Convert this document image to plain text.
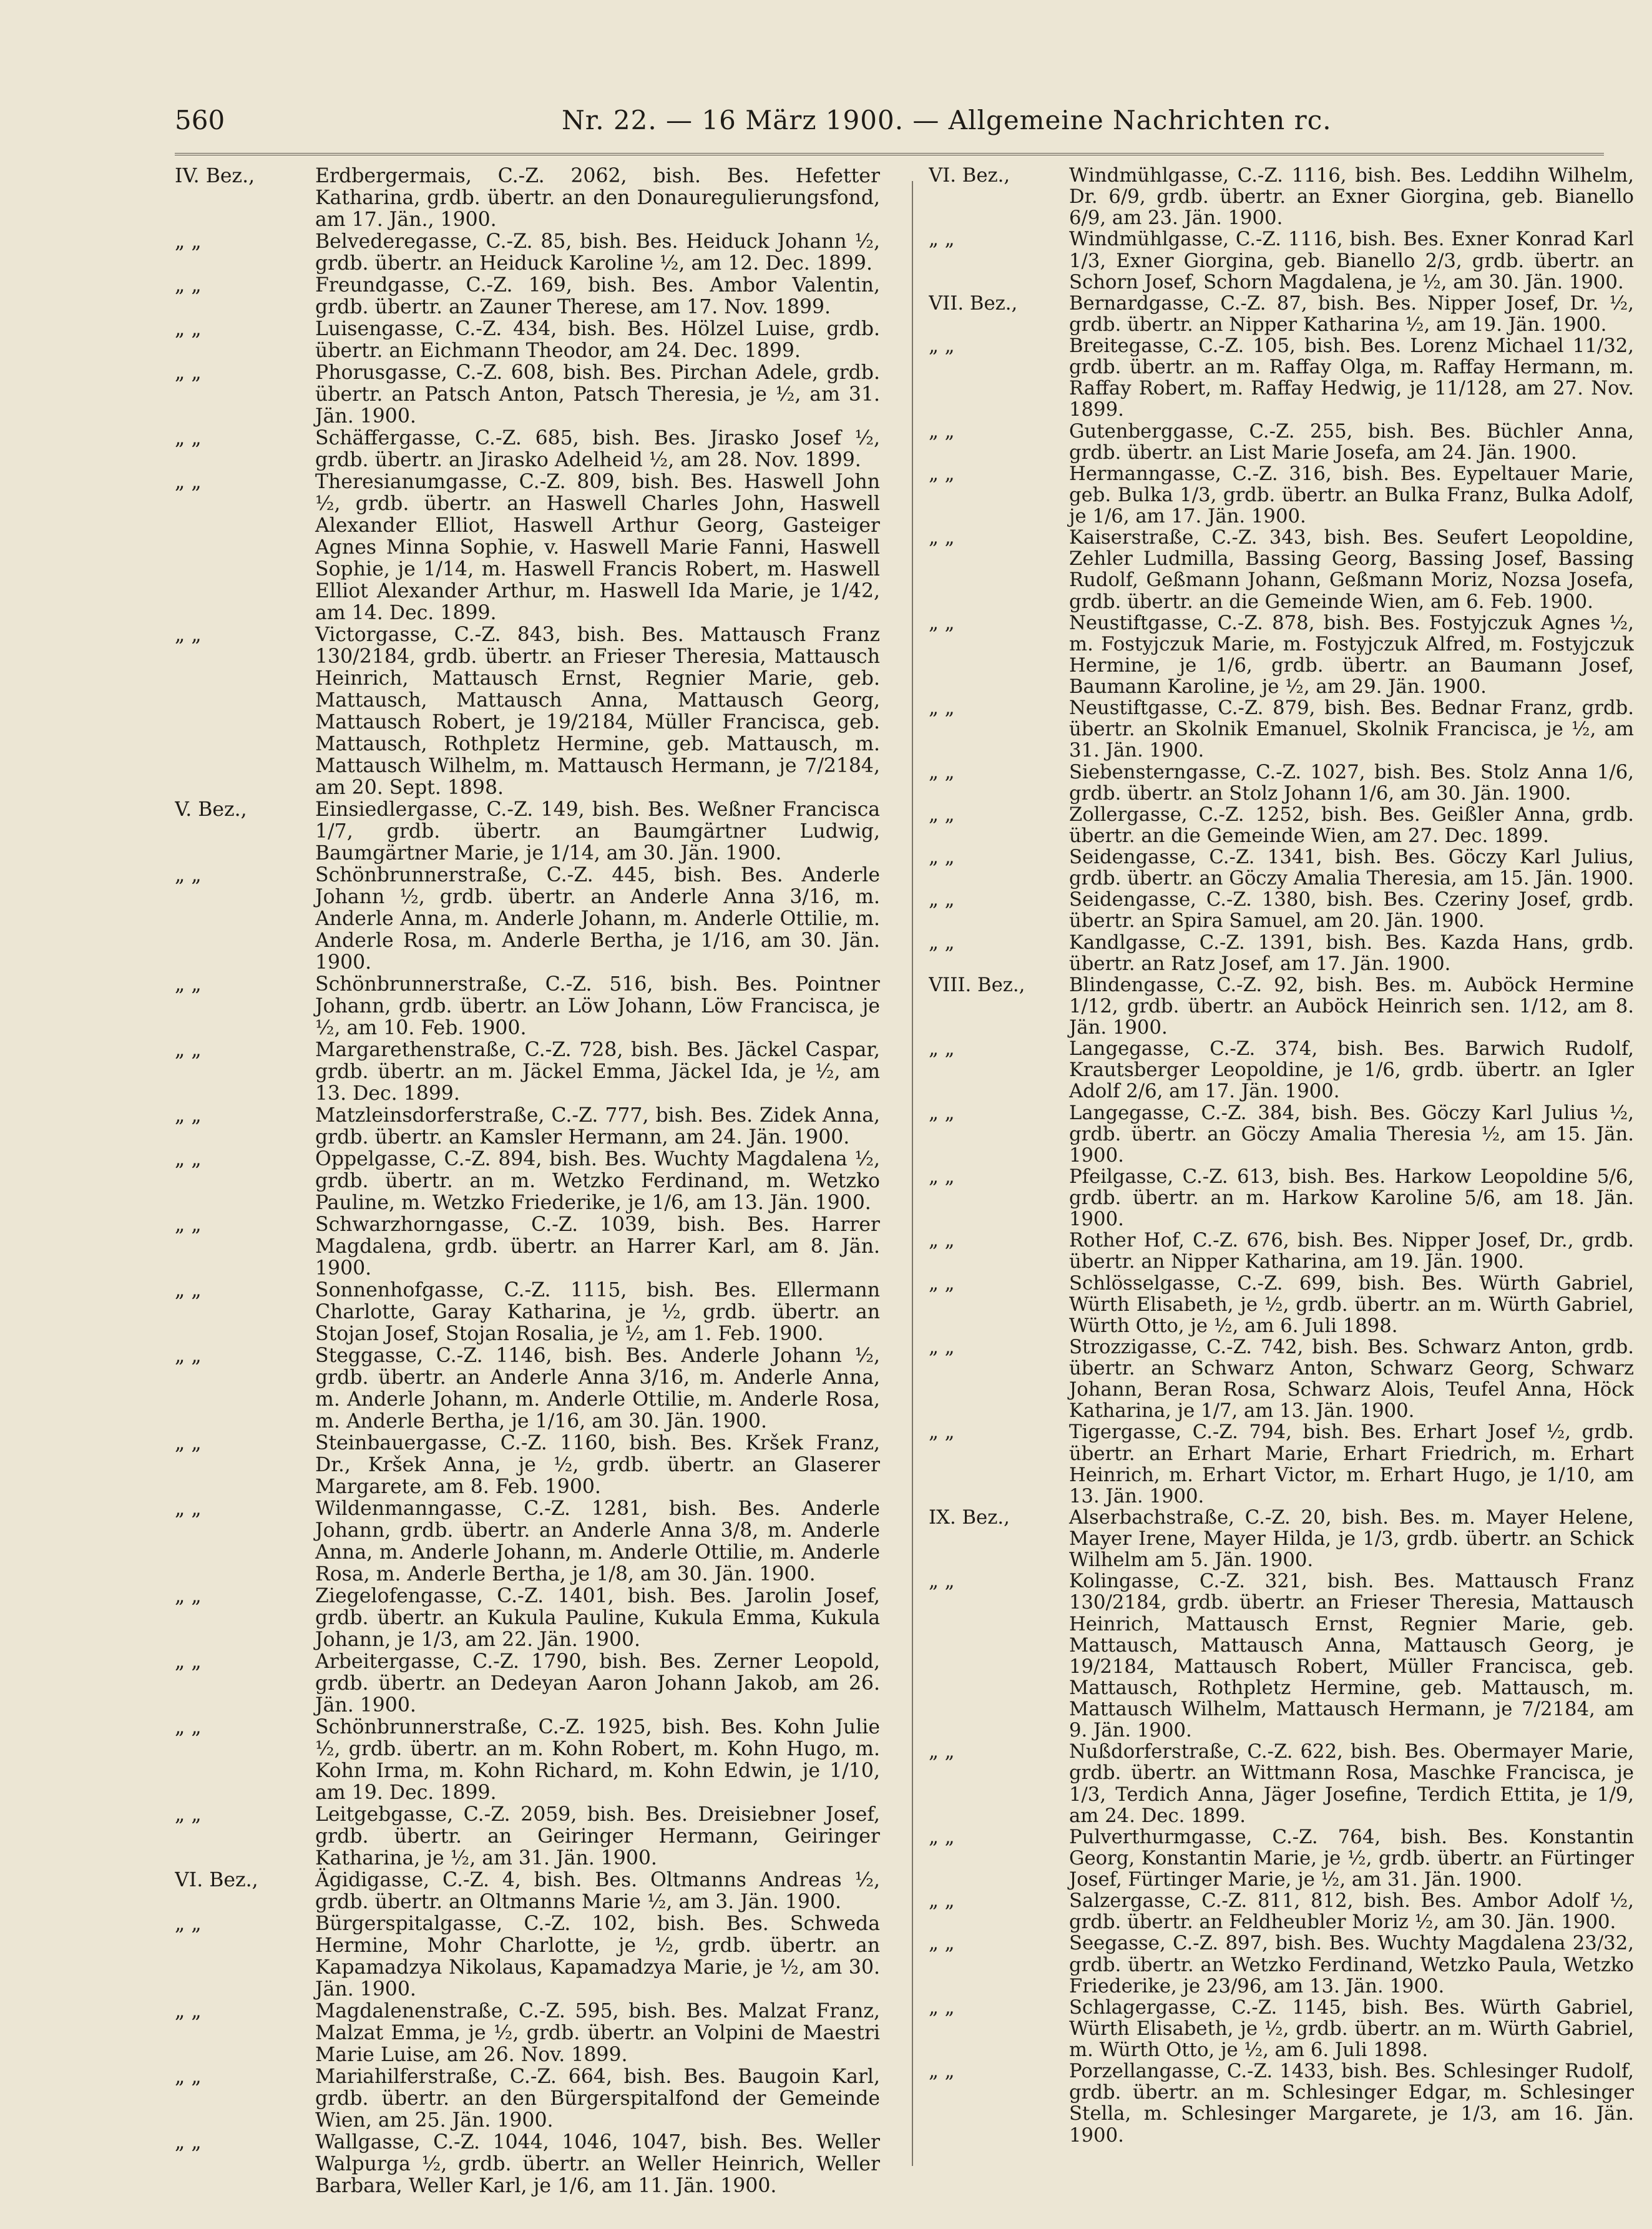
560	Nr. 22. — 16 März 1900. — Allgemeine Nachrichten rc.
IV. Bez.,	Erdbergermais, C.-Z. 2062, bish. Bes. Hefetter Katharina, grdb. übertr. an den Donauregulierungsfond, am 17. Jän., 1900.
„ „	Belvederegasse, C.-Z. 85, bish. Bes. Heiduck Johann ½, grdb. übertr. an Heiduck Karoline ½, am 12. Dec. 1899.
„ „	Freundgasse, C.-Z. 169, bish. Bes. Ambor Valentin, grdb. übertr. an Zauner Therese, am 17. Nov. 1899.
„ „	Luisengasse, C.-Z. 434, bish. Bes. Hölzel Luise, grdb. übertr. an Eichmann Theodor, am 24. Dec. 1899.
„ „	Phorusgasse, C.-Z. 608, bish. Bes. Pirchan Adele, grdb. übertr. an Patsch Anton, Patsch Theresia, je ½, am 31. Jän. 1900.
„ „	Schäffergasse, C.-Z. 685, bish. Bes. Jirasko Josef ½, grdb. übertr. an Jirasko Adelheid ½, am 28. Nov. 1899.
„ „	Theresianumgasse, C.-Z. 809, bish. Bes. Haswell John ½, grdb. übertr. an Haswell Charles John, Haswell Alexander Elliot, Haswell Arthur Georg, Gasteiger Agnes Minna Sophie, v. Haswell Marie Fanni, Haswell Sophie, je 1/14, m. Haswell Francis Robert, m. Haswell Elliot Alexander Arthur, m. Haswell Ida Marie, je 1/42, am 14. Dec. 1899.
„ „	Victorgasse, C.-Z. 843, bish. Bes. Mattausch Franz 130/2184, grdb. übertr. an Frieser Theresia, Mattausch Heinrich, Mattausch Ernst, Regnier Marie, geb. Mattausch, Mattausch Anna, Mattausch Georg, Mattausch Robert, je 19/2184, Müller Francisca, geb. Mattausch, Rothpletz Hermine, geb. Mattausch, m. Mattausch Wilhelm, m. Mattausch Hermann, je 7/2184, am 20. Sept. 1898.
V. Bez.,	Einsiedlergasse, C.-Z. 149, bish. Bes. Weßner Francisca 1/7, grdb. übertr. an Baumgärtner Ludwig, Baumgärtner Marie, je 1/14, am 30. Jän. 1900.
„ „	Schönbrunnerstraße, C.-Z. 445, bish. Bes. Anderle Johann ½, grdb. übertr. an Anderle Anna 3/16, m. Anderle Anna, m. Anderle Johann, m. Anderle Ottilie, m. Anderle Rosa, m. Anderle Bertha, je 1/16, am 30. Jän. 1900.
„ „	Schönbrunnerstraße, C.-Z. 516, bish. Bes. Pointner Johann, grdb. übertr. an Löw Johann, Löw Francisca, je ½, am 10. Feb. 1900.
„ „	Margarethenstraße, C.-Z. 728, bish. Bes. Jäckel Caspar, grdb. übertr. an m. Jäckel Emma, Jäckel Ida, je ½, am 13. Dec. 1899.
„ „	Matzleinsdorferstraße, C.-Z. 777, bish. Bes. Zidek Anna, grdb. übertr. an Kamsler Hermann, am 24. Jän. 1900.
„ „	Oppelgasse, C.-Z. 894, bish. Bes. Wuchty Magdalena ½, grdb. übertr. an m. Wetzko Ferdinand, m. Wetzko Pauline, m. Wetzko Friederike, je 1/6, am 13. Jän. 1900.
„ „	Schwarzhorngasse, C.-Z. 1039, bish. Bes. Harrer Magdalena, grdb. übertr. an Harrer Karl, am 8. Jän. 1900.
„ „	Sonnenhofgasse, C.-Z. 1115, bish. Bes. Ellermann Charlotte, Garay Katharina, je ½, grdb. übertr. an Stojan Josef, Stojan Rosalia, je ½, am 1. Feb. 1900.
„ „	Steggasse, C.-Z. 1146, bish. Bes. Anderle Johann ½, grdb. übertr. an Anderle Anna 3/16, m. Anderle Anna, m. Anderle Johann, m. Anderle Ottilie, m. Anderle Rosa, m. Anderle Bertha, je 1/16, am 30. Jän. 1900.
„ „	Steinbauergasse, C.-Z. 1160, bish. Bes. Kršek Franz, Dr., Kršek Anna, je ½, grdb. übertr. an Glaserer Margarete, am 8. Feb. 1900.
„ „	Wildenmanngasse, C.-Z. 1281, bish. Bes. Anderle Johann, grdb. übertr. an Anderle Anna 3/8, m. Anderle Anna, m. Anderle Johann, m. Anderle Ottilie, m. Anderle Rosa, m. Anderle Bertha, je 1/8, am 30. Jän. 1900.
„ „	Ziegelofengasse, C.-Z. 1401, bish. Bes. Jarolin Josef, grdb. übertr. an Kukula Pauline, Kukula Emma, Kukula Johann, je 1/3, am 22. Jän. 1900.
„ „	Arbeitergasse, C.-Z. 1790, bish. Bes. Zerner Leopold, grdb. übertr. an Dedeyan Aaron Johann Jakob, am 26. Jän. 1900.
„ „	Schönbrunnerstraße, C.-Z. 1925, bish. Bes. Kohn Julie ½, grdb. übertr. an m. Kohn Robert, m. Kohn Hugo, m. Kohn Irma, m. Kohn Richard, m. Kohn Edwin, je 1/10, am 19. Dec. 1899.
„ „	Leitgebgasse, C.-Z. 2059, bish. Bes. Dreisiebner Josef, grdb. übertr. an Geiringer Hermann, Geiringer Katharina, je ½, am 31. Jän. 1900.
VI. Bez.,	Ägidigasse, C.-Z. 4, bish. Bes. Oltmanns Andreas ½, grdb. übertr. an Oltmanns Marie ½, am 3. Jän. 1900.
„ „	Bürgerspitalgasse, C.-Z. 102, bish. Bes. Schweda Hermine, Mohr Charlotte, je ½, grdb. übertr. an Kapamadzya Nikolaus, Kapamadzya Marie, je ½, am 30. Jän. 1900.
„ „	Magdalenenstraße, C.-Z. 595, bish. Bes. Malzat Franz, Malzat Emma, je ½, grdb. übertr. an Volpini de Maestri Marie Luise, am 26. Nov. 1899.
„ „	Mariahilferstraße, C.-Z. 664, bish. Bes. Baugoin Karl, grdb. übertr. an den Bürgerspitalfond der Gemeinde Wien, am 25. Jän. 1900.
„ „	Wallgasse, C.-Z. 1044, 1046, 1047, bish. Bes. Weller Walpurga ½, grdb. übertr. an Weller Heinrich, Weller Barbara, Weller Karl, je 1/6, am 11. Jän. 1900.
VI. Bez.,	Windmühlgasse, C.-Z. 1116, bish. Bes. Leddihn Wilhelm, Dr. 6/9, grdb. übertr. an Exner Giorgina, geb. Bianello 6/9, am 23. Jän. 1900.
„ „	Windmühlgasse, C.-Z. 1116, bish. Bes. Exner Konrad Karl 1/3, Exner Giorgina, geb. Bianello 2/3, grdb. übertr. an Schorn Josef, Schorn Magdalena, je ½, am 30. Jän. 1900.
VII. Bez.,	Bernardgasse, C.-Z. 87, bish. Bes. Nipper Josef, Dr. ½, grdb. übertr. an Nipper Katharina ½, am 19. Jän. 1900.
„ „	Breitegasse, C.-Z. 105, bish. Bes. Lorenz Michael 11/32, grdb. übertr. an m. Raffay Olga, m. Raffay Hermann, m. Raffay Robert, m. Raffay Hedwig, je 11/128, am 27. Nov. 1899.
„ „	Gutenberggasse, C.-Z. 255, bish. Bes. Büchler Anna, grdb. übertr. an List Marie Josefa, am 24. Jän. 1900.
„ „	Hermanngasse, C.-Z. 316, bish. Bes. Eypeltauer Marie, geb. Bulka 1/3, grdb. übertr. an Bulka Franz, Bulka Adolf, je 1/6, am 17. Jän. 1900.
„ „	Kaiserstraße, C.-Z. 343, bish. Bes. Seufert Leopoldine, Zehler Ludmilla, Bassing Georg, Bassing Josef, Bassing Rudolf, Geßmann Johann, Geßmann Moriz, Nozsa Josefa, grdb. übertr. an die Gemeinde Wien, am 6. Feb. 1900.
„ „	Neustiftgasse, C.-Z. 878, bish. Bes. Fostyjczuk Agnes ½, m. Fostyjczuk Marie, m. Fostyjczuk Alfred, m. Fostyjczuk Hermine, je 1/6, grdb. übertr. an Baumann Josef, Baumann Karoline, je ½, am 29. Jän. 1900.
„ „	Neustiftgasse, C.-Z. 879, bish. Bes. Bednar Franz, grdb. übertr. an Skolnik Emanuel, Skolnik Francisca, je ½, am 31. Jän. 1900.
„ „	Siebensterngasse, C.-Z. 1027, bish. Bes. Stolz Anna 1/6, grdb. übertr. an Stolz Johann 1/6, am 30. Jän. 1900.
„ „	Zollergasse, C.-Z. 1252, bish. Bes. Geißler Anna, grdb. übertr. an die Gemeinde Wien, am 27. Dec. 1899.
„ „	Seidengasse, C.-Z. 1341, bish. Bes. Göczy Karl Julius, grdb. übertr. an Göczy Amalia Theresia, am 15. Jän. 1900.
„ „	Seidengasse, C.-Z. 1380, bish. Bes. Czeriny Josef, grdb. übertr. an Spira Samuel, am 20. Jän. 1900.
„ „	Kandlgasse, C.-Z. 1391, bish. Bes. Kazda Hans, grdb. übertr. an Ratz Josef, am 17. Jän. 1900.
VIII. Bez.,	Blindengasse, C.-Z. 92, bish. Bes. m. Auböck Hermine 1/12, grdb. übertr. an Auböck Heinrich sen. 1/12, am 8. Jän. 1900.
„ „	Langegasse, C.-Z. 374, bish. Bes. Barwich Rudolf, Krautsberger Leopoldine, je 1/6, grdb. übertr. an Igler Adolf 2/6, am 17. Jän. 1900.
„ „	Langegasse, C.-Z. 384, bish. Bes. Göczy Karl Julius ½, grdb. übertr. an Göczy Amalia Theresia ½, am 15. Jän. 1900.
„ „	Pfeilgasse, C.-Z. 613, bish. Bes. Harkow Leopoldine 5/6, grdb. übertr. an m. Harkow Karoline 5/6, am 18. Jän. 1900.
„ „	Rother Hof, C.-Z. 676, bish. Bes. Nipper Josef, Dr., grdb. übertr. an Nipper Katharina, am 19. Jän. 1900.
„ „	Schlösselgasse, C.-Z. 699, bish. Bes. Würth Gabriel, Würth Elisabeth, je ½, grdb. übertr. an m. Würth Gabriel, Würth Otto, je ½, am 6. Juli 1898.
„ „	Strozzigasse, C.-Z. 742, bish. Bes. Schwarz Anton, grdb. übertr. an Schwarz Anton, Schwarz Georg, Schwarz Johann, Beran Rosa, Schwarz Alois, Teufel Anna, Höck Katharina, je 1/7, am 13. Jän. 1900.
„ „	Tigergasse, C.-Z. 794, bish. Bes. Erhart Josef ½, grdb. übertr. an Erhart Marie, Erhart Friedrich, m. Erhart Heinrich, m. Erhart Victor, m. Erhart Hugo, je 1/10, am 13. Jän. 1900.
IX. Bez.,	Alserbachstraße, C.-Z. 20, bish. Bes. m. Mayer Helene, Mayer Irene, Mayer Hilda, je 1/3, grdb. übertr. an Schick Wilhelm am 5. Jän. 1900.
„ „	Kolingasse, C.-Z. 321, bish. Bes. Mattausch Franz 130/2184, grdb. übertr. an Frieser Theresia, Mattausch Heinrich, Mattausch Ernst, Regnier Marie, geb. Mattausch, Mattausch Anna, Mattausch Georg, je 19/2184, Mattausch Robert, Müller Francisca, geb. Mattausch, Rothpletz Hermine, geb. Mattausch, m. Mattausch Wilhelm, Mattausch Hermann, je 7/2184, am 9. Jän. 1900.
„ „	Nußdorferstraße, C.-Z. 622, bish. Bes. Obermayer Marie, grdb. übertr. an Wittmann Rosa, Maschke Francisca, je 1/3, Terdich Anna, Jäger Josefine, Terdich Ettita, je 1/9, am 24. Dec. 1899.
„ „	Pulverthurmgasse, C.-Z. 764, bish. Bes. Konstantin Georg, Konstantin Marie, je ½, grdb. übertr. an Fürtinger Josef, Fürtinger Marie, je ½, am 31. Jän. 1900.
„ „	Salzergasse, C.-Z. 811, 812, bish. Bes. Ambor Adolf ½, grdb. übertr. an Feldheubler Moriz ½, am 30. Jän. 1900.
„ „	Seegasse, C.-Z. 897, bish. Bes. Wuchty Magdalena 23/32, grdb. übertr. an Wetzko Ferdinand, Wetzko Paula, Wetzko Friederike, je 23/96, am 13. Jän. 1900.
„ „	Schlagergasse, C.-Z. 1145, bish. Bes. Würth Gabriel, Würth Elisabeth, je ½, grdb. übertr. an m. Würth Gabriel, m. Würth Otto, je ½, am 6. Juli 1898.
„ „	Porzellangasse, C.-Z. 1433, bish. Bes. Schlesinger Rudolf, grdb. übertr. an m. Schlesinger Edgar, m. Schlesinger Stella, m. Schlesinger Margarete, je 1/3, am 16. Jän. 1900.
